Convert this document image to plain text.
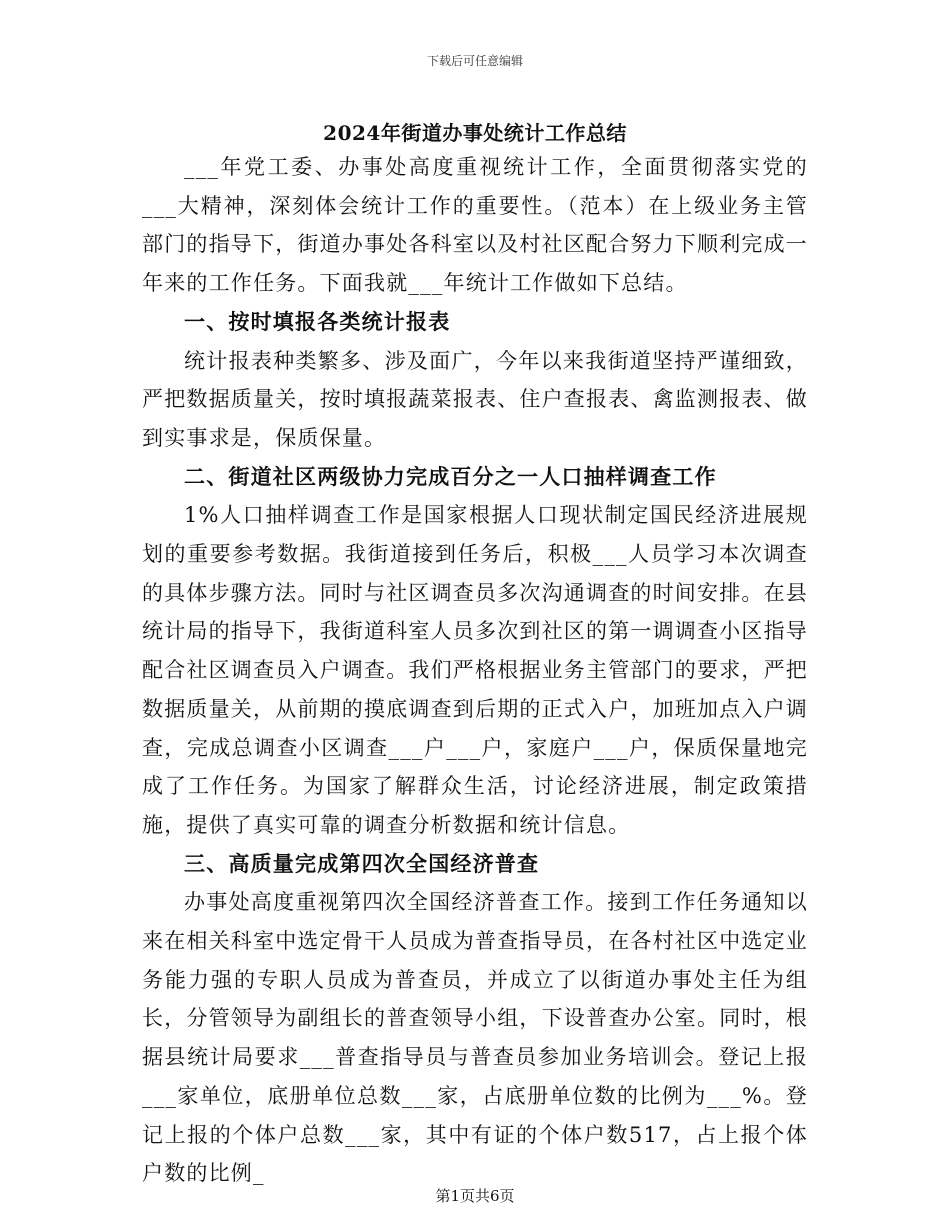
下载后可任意编辑
2024年街道办事处统计工作总结

___年党工委、办事处高度重视统计工作，全面贯彻落实党的___大精神，深刻体会统计工作的重要性。（范本）在上级业务主管部门的指导下，街道办事处各科室以及村社区配合努力下顺利完成一年来的工作任务。下面我就___年统计工作做如下总结。

一、按时填报各类统计报表

统计报表种类繁多、涉及面广，今年以来我街道坚持严谨细致，严把数据质量关，按时填报蔬菜报表、住户查报表、禽监测报表、做到实事求是，保质保量。

二、街道社区两级协力完成百分之一人口抽样调查工作

1%人口抽样调查工作是国家根据人口现状制定国民经济进展规划的重要参考数据。我街道接到任务后，积极___人员学习本次调查的具体步骤方法。同时与社区调查员多次沟通调查的时间安排。在县统计局的指导下，我街道科室人员多次到社区的第一调调查小区指导配合社区调查员入户调查。我们严格根据业务主管部门的要求，严把数据质量关，从前期的摸底调查到后期的正式入户，加班加点入户调查，完成总调查小区调查___户___户，家庭户___户，保质保量地完成了工作任务。为国家了解群众生活，讨论经济进展，制定政策措施，提供了真实可靠的调查分析数据和统计信息。

三、高质量完成第四次全国经济普查

办事处高度重视第四次全国经济普查工作。接到工作任务通知以来在相关科室中选定骨干人员成为普查指导员，在各村社区中选定业务能力强的专职人员成为普查员，并成立了以街道办事处主任为组长，分管领导为副组长的普查领导小组，下设普查办公室。同时，根据县统计局要求___普查指导员与普查员参加业务培训会。登记上报___家单位，底册单位总数___家，占底册单位数的比例为___%。登记上报的个体户总数___家，其中有证的个体户数517，占上报个体户数的比例_

第1页共6页
